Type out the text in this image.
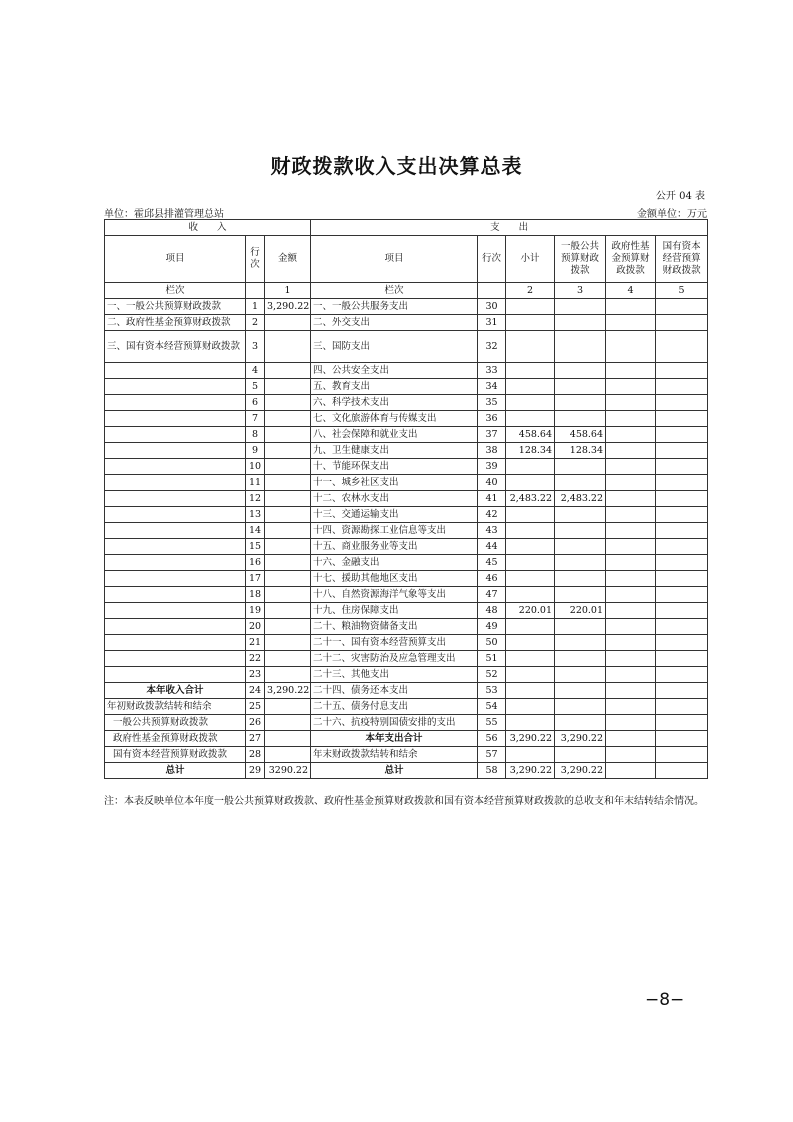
财政拨款收入支出决算总表
公开 04 表
单位：霍邱县排灌管理总站	金额单位：万元
收　　入			支　　出					
项目	行次	金额	项目	行次	小计	一般公共预算财政拨款	政府性基金预算财政拨款	国有资本经营预算财政拨款
栏次		1	栏次		2	3	4	5
一、一般公共预算财政拨款	1	3,290.22	一、一般公共服务支出	30				
二、政府性基金预算财政拨款	2		二、外交支出	31				
三、国有资本经营预算财政拨款	3		三、国防支出	32				
	4		四、公共安全支出	33				
	5		五、教育支出	34				
	6		六、科学技术支出	35				
	7		七、文化旅游体育与传媒支出	36				
	8		八、社会保障和就业支出	37	458.64	458.64		
	9		九、卫生健康支出	38	128.34	128.34		
	10		十、节能环保支出	39				
	11		十一、城乡社区支出	40				
	12		十二、农林水支出	41	2,483.22	2,483.22		
	13		十三、交通运输支出	42				
	14		十四、资源勘探工业信息等支出	43				
	15		十五、商业服务业等支出	44				
	16		十六、金融支出	45				
	17		十七、援助其他地区支出	46				
	18		十八、自然资源海洋气象等支出	47				
	19		十九、住房保障支出	48	220.01	220.01		
	20		二十、粮油物资储备支出	49				
	21		二十一、国有资本经营预算支出	50				
	22		二十二、灾害防治及应急管理支出	51				
	23		二十三、其他支出	52				
本年收入合计	24	3,290.22	二十四、债务还本支出	53				
年初财政拨款结转和结余	25		二十五、债务付息支出	54				
一般公共预算财政拨款	26		二十六、抗疫特别国债安排的支出	55				
政府性基金预算财政拨款	27		本年支出合计	56	3,290.22	3,290.22		
国有资本经营预算财政拨款	28		年末财政拨款结转和结余	57				
总计	29	3290.22	总计	58	3,290.22	3,290.22		
注：本表反映单位本年度一般公共预算财政拨款、政府性基金预算财政拨款和国有资本经营预算财政拨款的总收支和年末结转结余情况。
−8−
